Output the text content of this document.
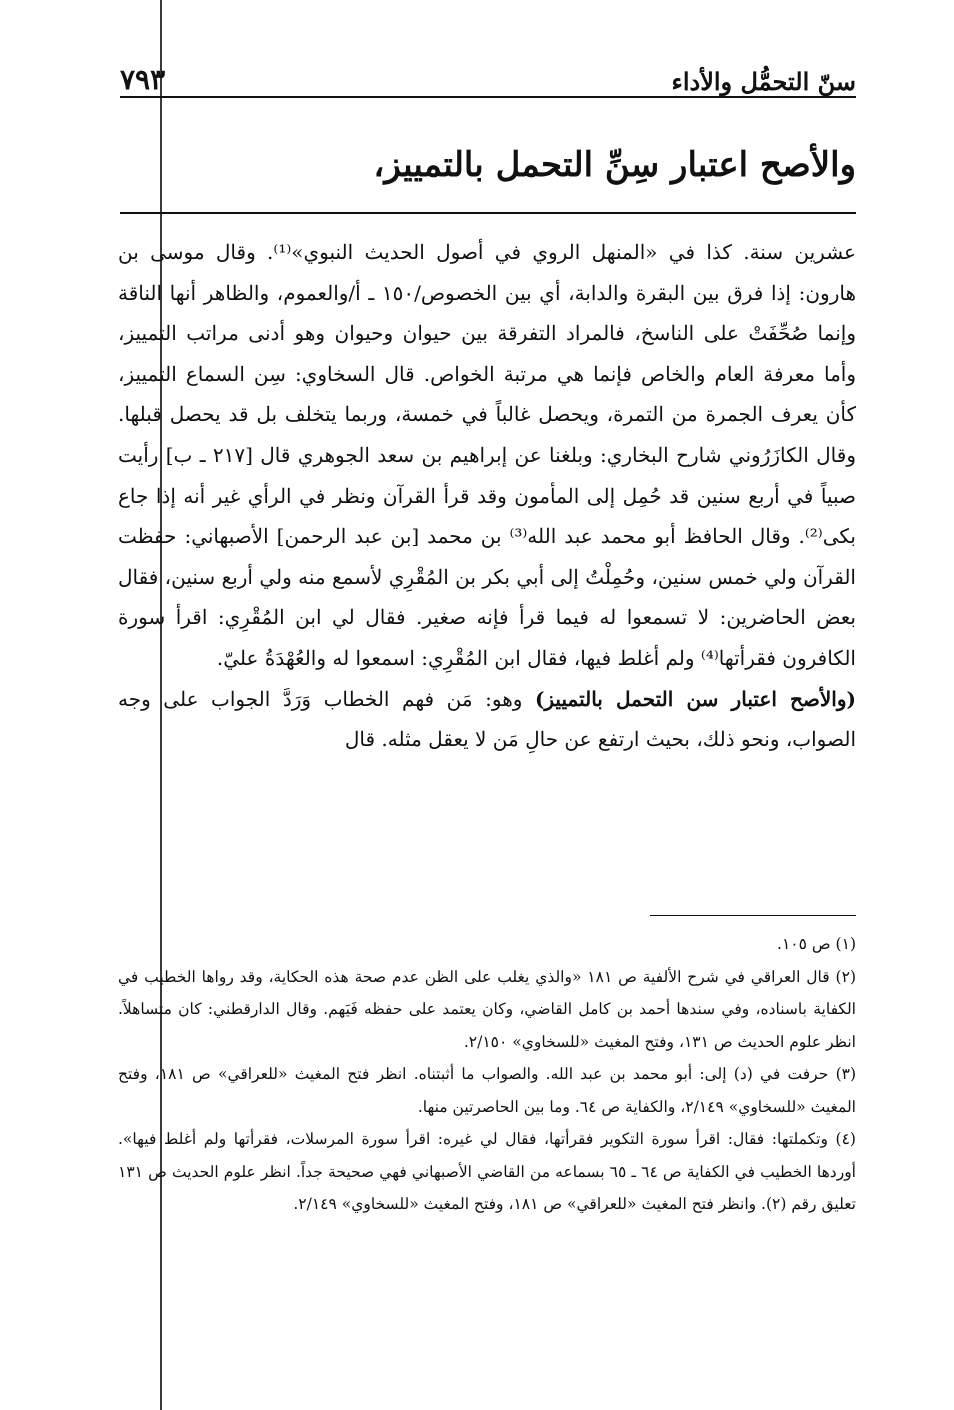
سنّ التحمُّل والأداء
٧٩٣
والأصح اعتبار سِنِّ التحمل بالتمييز،

عشرين سنة. كذا في «المنهل الروي في أصول الحديث النبوي»⁽¹⁾. وقال موسى بن هارون: إذا فرق بين البقرة والدابة، أي بين الخصوص/١٥٠ ـ أ/والعموم، والظاهر أنها الناقة وإنما صُحِّفَتْ على الناسخ، فالمراد التفرقة بين حيوان وحيوان وهو أدنى مراتب التمييز، وأما معرفة العام والخاص فإنما هي مرتبة الخواص. قال السخاوي: سِن السماع التمييز، كأن يعرف الجمرة من التمرة، ويحصل غالباً في خمسة، وربما يتخلف بل قد يحصل قبلها. وقال الكازَرُوني شارح البخاري: وبلغنا عن إبراهيم بن سعد الجوهري قال [٢١٧ ـ ب] رأيت صبياً في أربع سنين قد حُمِل إلى المأمون وقد قرأ القرآن ونظر في الرأي غير أنه إذا جاع بكى⁽²⁾. وقال الحافظ أبو محمد عبد الله⁽³⁾ بن محمد [بن عبد الرحمن] الأصبهاني: حفظت القرآن ولي خمس سنين، وحُمِلْتُ إلى أبي بكر بن المُقْرِي لأسمع منه ولي أربع سنين، فقال بعض الحاضرين: لا تسمعوا له فيما قرأ فإنه صغير. فقال لي ابن المُقْرِي: اقرأ سورة الكافرون فقرأتها⁽⁴⁾ ولم أغلط فيها، فقال ابن المُقْرِي: اسمعوا له والعُهْدَةُ عليّ.

(والأصح اعتبار سن التحمل بالتمييز) وهو: مَن فهم الخطاب وَرَدَّ الجواب على وجه الصواب، ونحو ذلك، بحيث ارتفع عن حالِ مَن لا يعقل مثله. قال

(١) ص ١٠٥.

(٢) قال العراقي في شرح الألفية ص ١٨١ «والذي يغلب على الظن عدم صحة هذه الحكاية، وقد رواها الخطيب في الكفاية باسناده، وفي سندها أحمد بن كامل القاضي، وكان يعتمد على حفظه فَيَهم. وقال الدارقطني: كان متساهلاً. انظر علوم الحديث ص ١٣١، وفتح المغيث «للسخاوي» ٢/١٥٠.

(٣) حرفت في (د) إلى: أبو محمد بن عبد الله. والصواب ما أثبتناه. انظر فتح المغيث «للعراقي» ص ١٨١، وفتح المغيث «للسخاوي» ٢/١٤٩، والكفاية ص ٦٤. وما بين الحاصرتين منها.

(٤) وتكملتها: فقال: اقرأ سورة التكوير فقرأتها، فقال لي غيره: اقرأ سورة المرسلات، فقرأتها ولم أغلط فيها». أوردها الخطيب في الكفاية ص ٦٤ ـ ٦٥ بسماعه من القاضي الأصبهاني فهي صحيحة جداً. انظر علوم الحديث ص ١٣١ تعليق رقم (٢). وانظر فتح المغيث «للعراقي» ص ١٨١، وفتح المغيث «للسخاوي» ٢/١٤٩.
